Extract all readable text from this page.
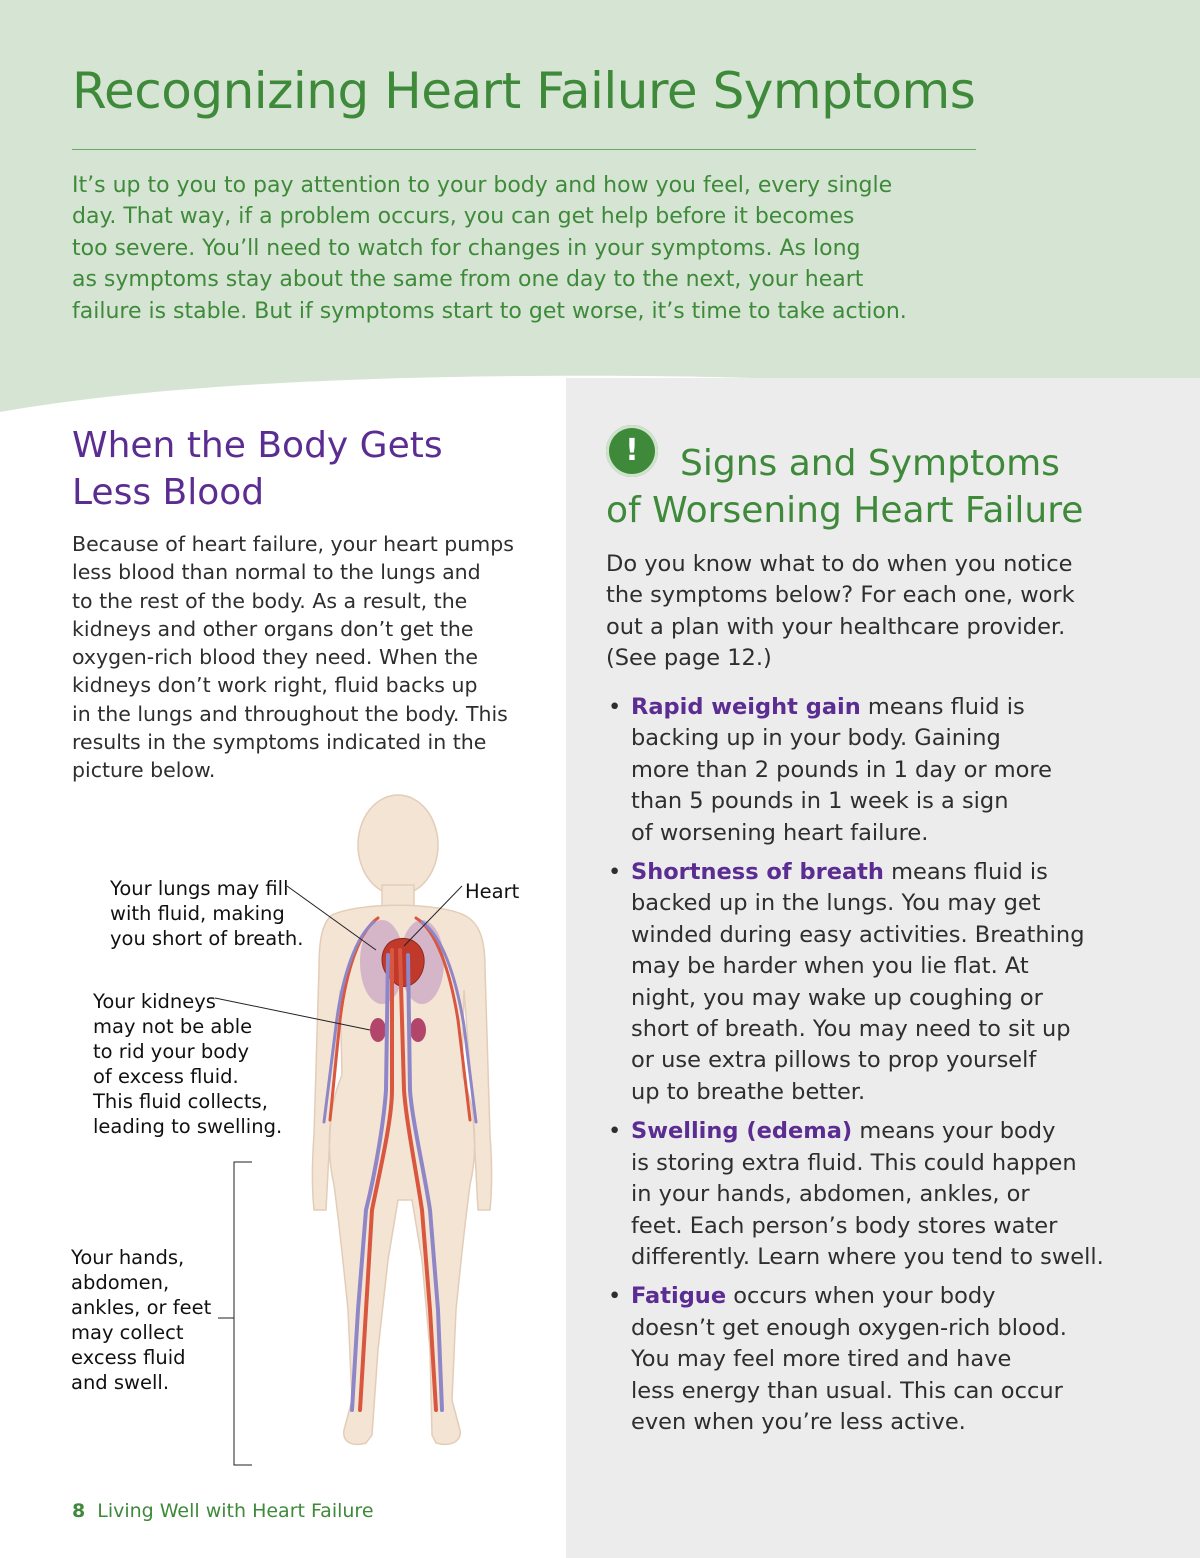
Recognizing Heart Failure Symptoms

It’s up to you to pay attention to your body and how you feel, every single
day. That way, if a problem occurs, you can get help before it becomes
too severe. You’ll need to watch for changes in your symptoms. As long
as symptoms stay about the same from one day to the next, your heart
failure is stable. But if symptoms start to get worse, it’s time to take action.

When the Body Gets
Less Blood

Because of heart failure, your heart pumps
less blood than normal to the lungs and
to the rest of the body. As a result, the
kidneys and other organs don’t get the
oxygen-rich blood they need. When the
kidneys don’t work right, fluid backs up
in the lungs and throughout the body. This
results in the symptoms indicated in the
picture below.

Your lungs may fill
with fluid, making
you short of breath.
Heart
Your kidneys
may not be able
to rid your body
of excess fluid.
This fluid collects,
leading to swelling.
Your hands,
abdomen,
ankles, or feet
may collect
excess fluid
and swell.
!	Signs and Symptoms
of Worsening Heart Failure

Do you know what to do when you notice
the symptoms below? For each one, work
out a plan with your healthcare provider.
(See page 12.)

• Rapid weight gain means fluid is
backing up in your body. Gaining
more than 2 pounds in 1 day or more
than 5 pounds in 1 week is a sign
of worsening heart failure.
• Shortness of breath means fluid is
backed up in the lungs. You may get
winded during easy activities. Breathing
may be harder when you lie flat. At
night, you may wake up coughing or
short of breath. You may need to sit up
or use extra pillows to prop yourself
up to breathe better.
• Swelling (edema) means your body
is storing extra fluid. This could happen
in your hands, abdomen, ankles, or
feet. Each person’s body stores water
differently. Learn where you tend to swell.
• Fatigue occurs when your body
doesn’t get enough oxygen-rich blood.
You may feel more tired and have
less energy than usual. This can occur
even when you’re less active.
8 Living Well with Heart Failure
